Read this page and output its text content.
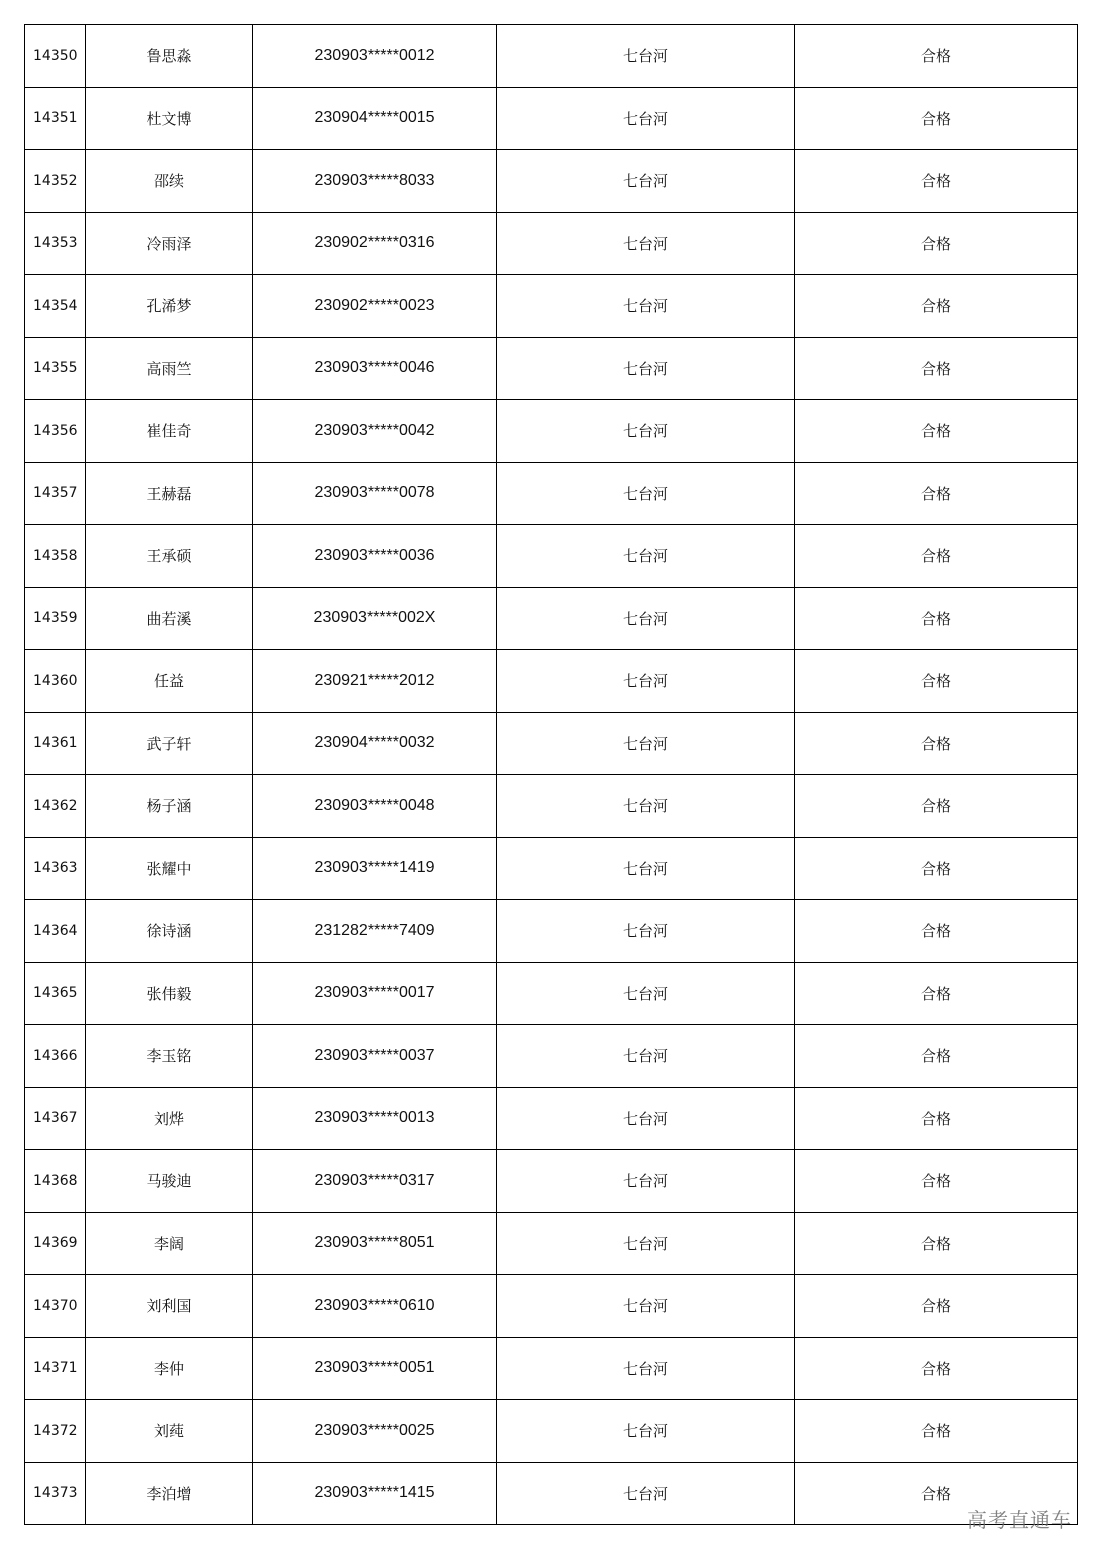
14350	鲁思淼	230903*****0012	七台河	合格
14351	杜文博	230904*****0015	七台河	合格
14352	邵续	230903*****8033	七台河	合格
14353	冷雨泽	230902*****0316	七台河	合格
14354	孔浠梦	230902*****0023	七台河	合格
14355	高雨竺	230903*****0046	七台河	合格
14356	崔佳奇	230903*****0042	七台河	合格
14357	王赫磊	230903*****0078	七台河	合格
14358	王承硕	230903*****0036	七台河	合格
14359	曲若溪	230903*****002X	七台河	合格
14360	任益	230921*****2012	七台河	合格
14361	武子轩	230904*****0032	七台河	合格
14362	杨子涵	230903*****0048	七台河	合格
14363	张耀中	230903*****1419	七台河	合格
14364	徐诗涵	231282*****7409	七台河	合格
14365	张伟毅	230903*****0017	七台河	合格
14366	李玉铭	230903*****0037	七台河	合格
14367	刘烨	230903*****0013	七台河	合格
14368	马骏迪	230903*****0317	七台河	合格
14369	李阔	230903*****8051	七台河	合格
14370	刘利国	230903*****0610	七台河	合格
14371	李仲	230903*****0051	七台河	合格
14372	刘莼	230903*****0025	七台河	合格
14373	李泊增	230903*****1415	七台河	合格
高考直通车
